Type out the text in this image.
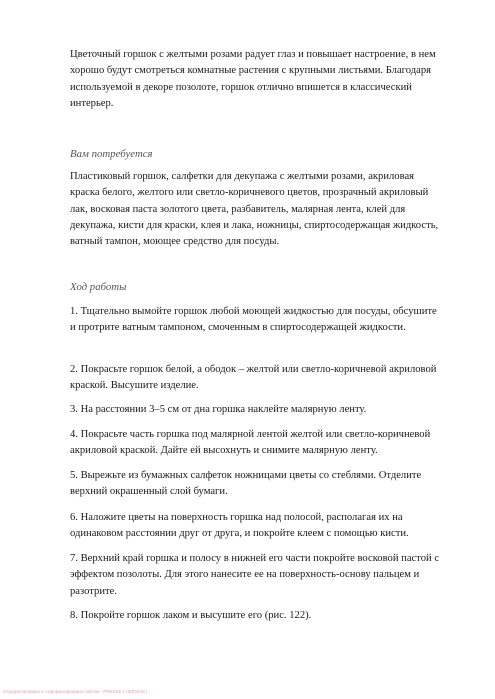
Цветочный горшок с желтыми розами радует глаз и повышает настроение, в нем хорошо будут смотреться комнатные растения с крупными листьями. Благодаря используемой в декоре позолоте, горшок отлично впишется в классический интерьер.

Вам потребуется

Пластиковый горшок, салфетки для декупажа с желтыми розами, акриловая краска белого, желтого или светло-коричневого цветов, прозрачный акриловый лак, восковая паста золотого цвета, разбавитель, малярная лента, клей для декупажа, кисти для краски, клея и лака, ножницы, спиртосодержащая жидкость, ватный тампон, моющее средство для посуды.

Ход работы

1. Тщательно вымойте горшок любой моющей жидкостью для посуды, обсушите и протрите ватным тампоном, смоченным в спиртосодержащей жидкости.

2. Покрасьте горшок белой, а ободок – желтой или светло-коричневой акриловой краской. Высушите изделие.

3. На расстоянии 3–5 см от дна горшка наклейте малярную ленту.

4. Покрасьте часть горшка под малярной лентой желтой или светло-коричневой акриловой краской. Дайте ей высохнуть и снимите малярную ленту.

5. Вырежьте из бумажных салфеток ножницами цветы со стеблями. Отделите верхний окрашенный слой бумаги.

6. Наложите цветы на поверхность горшка над полосой, располагая их на одинаковом расстоянии друг от друга, и покройте клеем с помощью кисти.

7. Верхний край горшка и полосу в нижней его части покройте восковой пастой с эффектом позолоты. Для этого нанесите ее на поверхность-основу пальцем и разотрите.

8. Покройте горшок лаком и высушите его (рис. 122).

Отредактировано и отформатировано сайтом · PRESSE ( HERSON )
